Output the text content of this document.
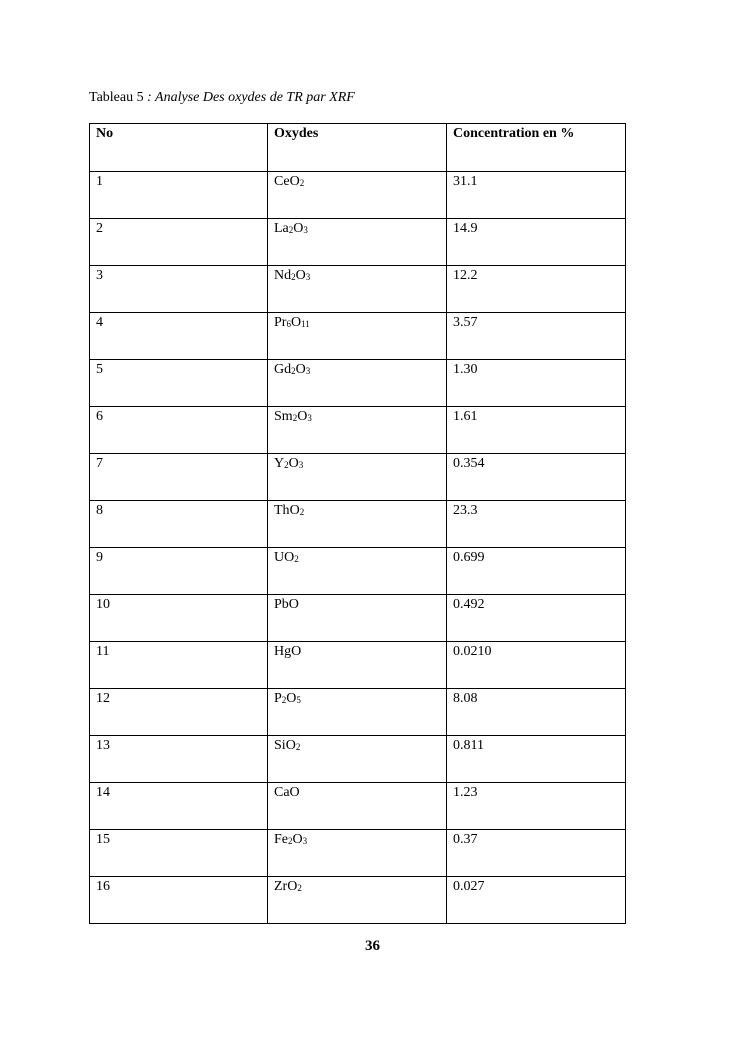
Tableau 5 : Analyse Des oxydes de TR par XRF
No	Oxydes	Concentration en %

1	CeO$_2$	31.1

2	$La_2O_3$	14.9

3	$Nd_2O_3$	12.2

4	$Pr_6O_{11}$	3.57

5	$Gd_2O_3$	1.30

6	$Sm_2O_3$	1.61

7	$Y_2O_3$	0.354

8	ThO$_2$	23.3

9	$UO_2$	0.699

10	PbO	0.492

11	HgO	0.0210

12	$P_2O_5$	8.08

13	SiO$_2$	0.811

14	CaO	1.23

15	$Fe_2O_3$	0.37

16	ZrO$_2$	0.027
36
